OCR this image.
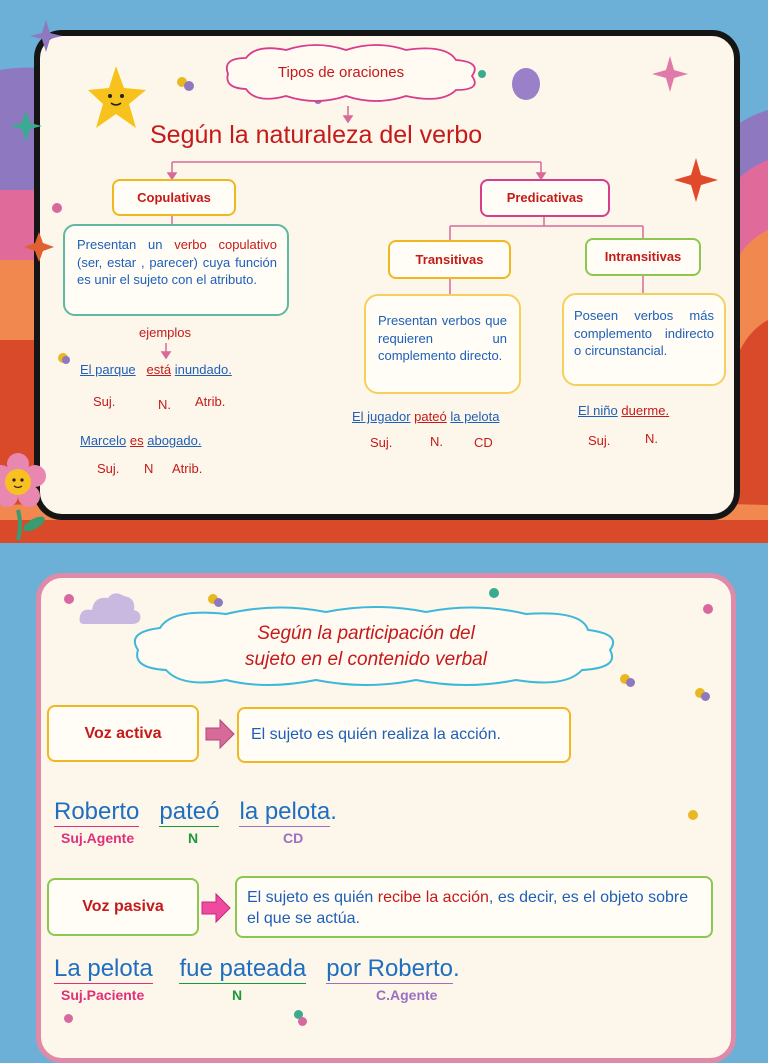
Tipos de oraciones
Según la naturaleza del verbo
Copulativas
Presentan un verbo copulativo (ser, estar , parecer) cuya función es unir el sujeto con el atributo.
ejemplos
El parque está inundado.
Suj.	N. Atrib.
Marcelo es abogado.
Suj. N Atrib.
Predicativas
Transitivas
Presentan verbos que requieren un complemento directo.
El jugador pateó la pelota
Suj.	N. CD
Intransitivas
Poseen verbos más complemento indirecto o circunstancial.
El niño duerme.
Suj.	N.
Según la participación del
sujeto en el contenido verbal
Voz activa	El sujeto es quién realiza la acción.
Roberto pateó la pelota.
Suj.Agente	N	CD
Voz pasiva
El sujeto es quién recibe la acción, es decir, es el objeto sobre el que se actúa.
La pelota fue pateada por Roberto.
Suj.Paciente	N	C.Agente
